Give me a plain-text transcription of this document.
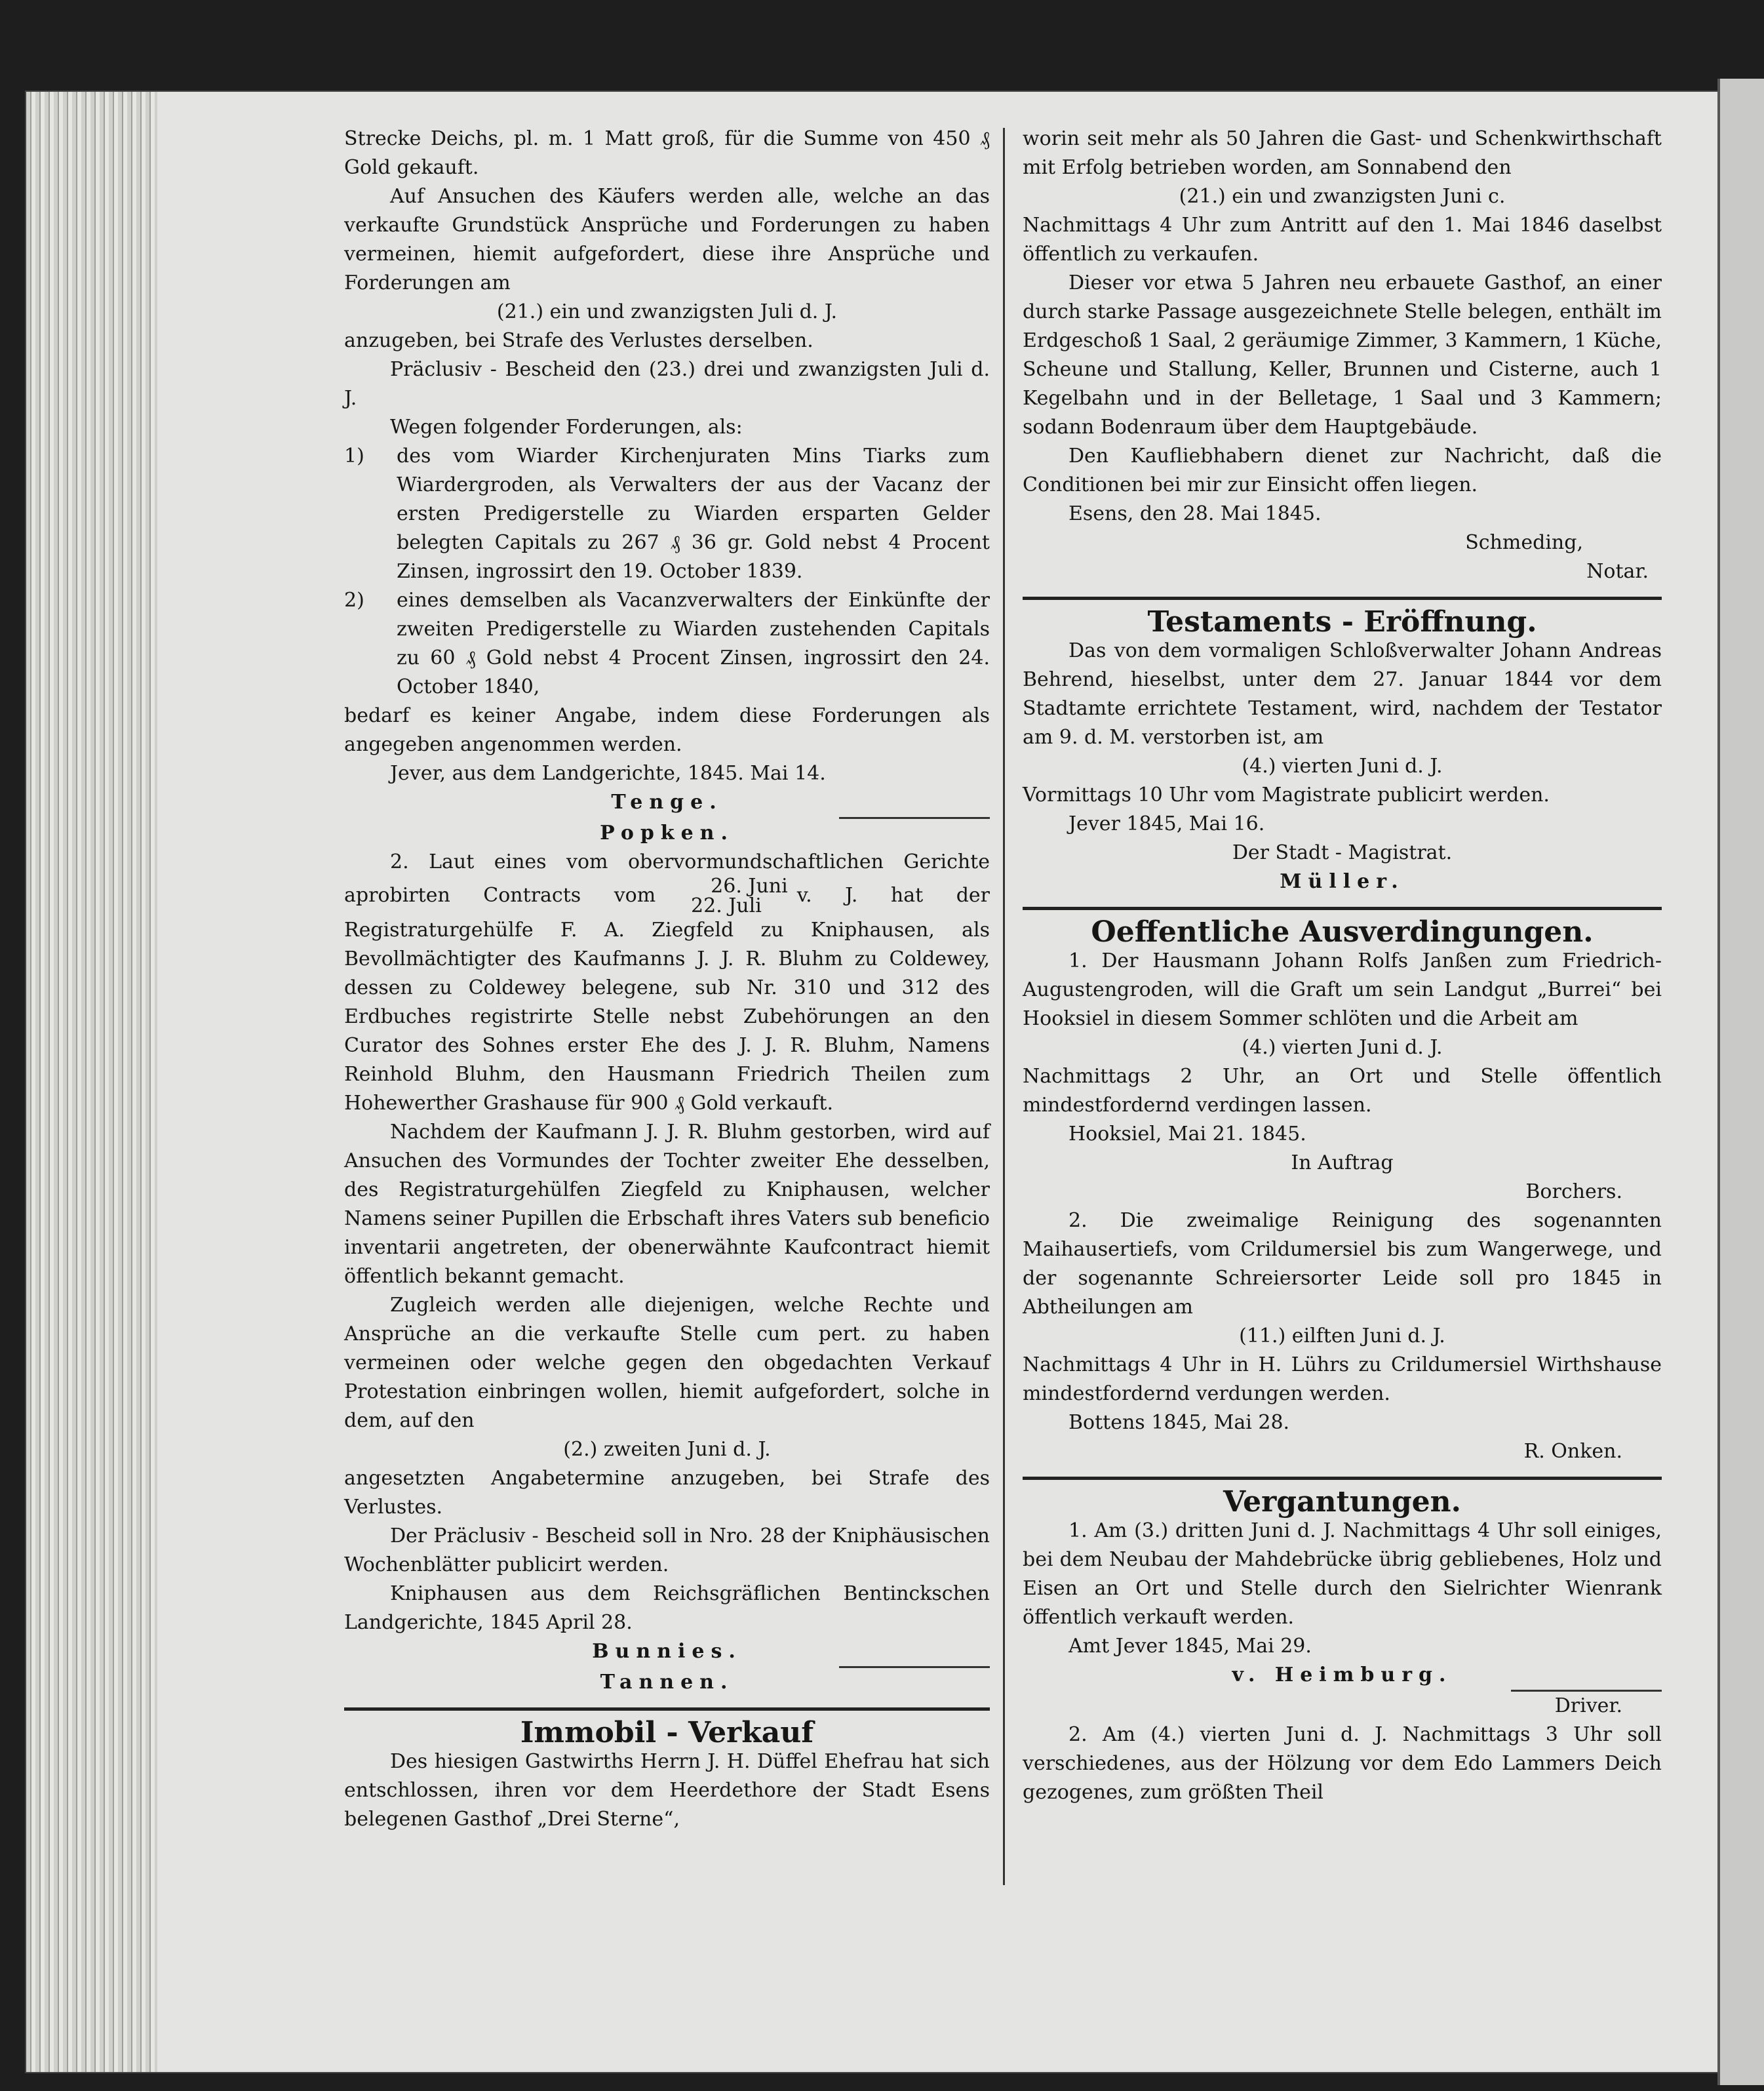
Strecke Deichs, pl. m. 1 Matt groß, für die Summe von 450 ₰ Gold gekauft.

Auf Ansuchen des Käufers werden alle, welche an das verkaufte Grundstück Ansprüche und Forderungen zu haben vermeinen, hiemit aufgefordert, diese ihre Ansprüche und Forderungen am

(21.) ein und zwanzigsten Juli d. J.

anzugeben, bei Strafe des Verlustes derselben.

Präclusiv - Bescheid den (23.) drei und zwanzigsten Juli d. J.

Wegen folgender Forderungen, als:

1)	des vom Wiarder Kirchenjuraten Mins Tiarks zum Wiardergroden, als Verwalters der aus der Vacanz der ersten Predigerstelle zu Wiarden ersparten Gelder belegten Capitals zu 267 ₰ 36 gr. Gold nebst 4 Procent Zinsen, ingrossirt den 19. October 1839.
2)	eines demselben als Vacanzverwalters der Einkünfte der zweiten Predigerstelle zu Wiarden zustehenden Capitals zu 60 ₰ Gold nebst 4 Procent Zinsen, ingrossirt den 24. October 1840,

bedarf es keiner Angabe, indem diese Forderungen als angegeben angenommen werden.

Jever, aus dem Landgerichte, 1845. Mai 14.

Tenge.

Popken.

2. Laut eines vom obervormundschaftlichen Gerichte aprobirten Contracts vom	26. Juni
22. Juli v. J. hat der Registraturgehülfe F. A. Ziegfeld zu Kniphausen, als Bevollmächtigter des Kaufmanns J. J. R. Bluhm zu Coldewey, dessen zu Coldewey belegene, sub Nr. 310 und 312 des Erdbuches registrirte Stelle nebst Zubehörungen an den Curator des Sohnes erster Ehe des J. J. R. Bluhm, Namens Reinhold Bluhm, den Hausmann Friedrich Theilen zum Hohewerther Grashause für 900 ₰ Gold verkauft.

Nachdem der Kaufmann J. J. R. Bluhm gestorben, wird auf Ansuchen des Vormundes der Tochter zweiter Ehe desselben, des Registraturgehülfen Ziegfeld zu Kniphausen, welcher Namens seiner Pupillen die Erbschaft ihres Vaters sub beneficio inventarii angetreten, der obenerwähnte Kaufcontract hiemit öffentlich bekannt gemacht.

Zugleich werden alle diejenigen, welche Rechte und Ansprüche an die verkaufte Stelle cum pert. zu haben vermeinen oder welche gegen den obgedachten Verkauf Protestation einbringen wollen, hiemit aufgefordert, solche in dem, auf den

(2.) zweiten Juni d. J.

angesetzten Angabetermine anzugeben, bei Strafe des Verlustes.

Der Präclusiv - Bescheid soll in Nro. 28 der Kniphäusischen Wochenblätter publicirt werden.

Kniphausen aus dem Reichsgräflichen Bentinckschen Landgerichte, 1845 April 28.

Bunnies.

Tannen.

Immobil - Verkauf

Des hiesigen Gastwirths Herrn J. H. Düffel Ehefrau hat sich entschlossen, ihren vor dem Heerdethore der Stadt Esens belegenen Gasthof „Drei Sterne“,

worin seit mehr als 50 Jahren die Gast- und Schenkwirthschaft mit Erfolg betrieben worden, am Sonnabend den

(21.) ein und zwanzigsten Juni c.

Nachmittags 4 Uhr zum Antritt auf den 1. Mai 1846 daselbst öffentlich zu verkaufen.

Dieser vor etwa 5 Jahren neu erbauete Gasthof, an einer durch starke Passage ausgezeichnete Stelle belegen, enthält im Erdgeschoß 1 Saal, 2 geräumige Zimmer, 3 Kammern, 1 Küche, Scheune und Stallung, Keller, Brunnen und Cisterne, auch 1 Kegelbahn und in der Belletage, 1 Saal und 3 Kammern; sodann Bodenraum über dem Hauptgebäude.

Den Kaufliebhabern dienet zur Nachricht, daß die Conditionen bei mir zur Einsicht offen liegen.

Esens, den 28. Mai 1845.

Schmeding,

Notar.

Testaments - Eröffnung.

Das von dem vormaligen Schloßverwalter Johann Andreas Behrend, hieselbst, unter dem 27. Januar 1844 vor dem Stadtamte errichtete Testament, wird, nachdem der Testator am 9. d. M. verstorben ist, am

(4.) vierten Juni d. J.

Vormittags 10 Uhr vom Magistrate publicirt werden.

Jever 1845, Mai 16.

Der Stadt - Magistrat.

Müller.

Oeffentliche Ausverdingungen.

1. Der Hausmann Johann Rolfs Janßen zum Friedrich-Augustengroden, will die Graft um sein Landgut „Burrei“ bei Hooksiel in diesem Sommer schlöten und die Arbeit am

(4.) vierten Juni d. J.

Nachmittags 2 Uhr, an Ort und Stelle öffentlich mindestfordernd verdingen lassen.

Hooksiel, Mai 21. 1845.

In Auftrag

Borchers.

2. Die zweimalige Reinigung des sogenannten Maihausertiefs, vom Crildumersiel bis zum Wangerwege, und der sogenannte Schreiersorter Leide soll pro 1845 in Abtheilungen am

(11.) eilften Juni d. J.

Nachmittags 4 Uhr in H. Lührs zu Crildumersiel Wirthshause mindestfordernd verdungen werden.

Bottens 1845, Mai 28.

R. Onken.

Vergantungen.

1. Am (3.) dritten Juni d. J. Nachmittags 4 Uhr soll einiges, bei dem Neubau der Mahdebrücke übrig gebliebenes, Holz und Eisen an Ort und Stelle durch den Sielrichter Wienrank öffentlich verkauft werden.

Amt Jever 1845, Mai 29.

v. Heimburg.

Driver.

2. Am (4.) vierten Juni d. J. Nachmittags 3 Uhr soll verschiedenes, aus der Hölzung vor dem Edo Lammers Deich gezogenes, zum größten Theil
